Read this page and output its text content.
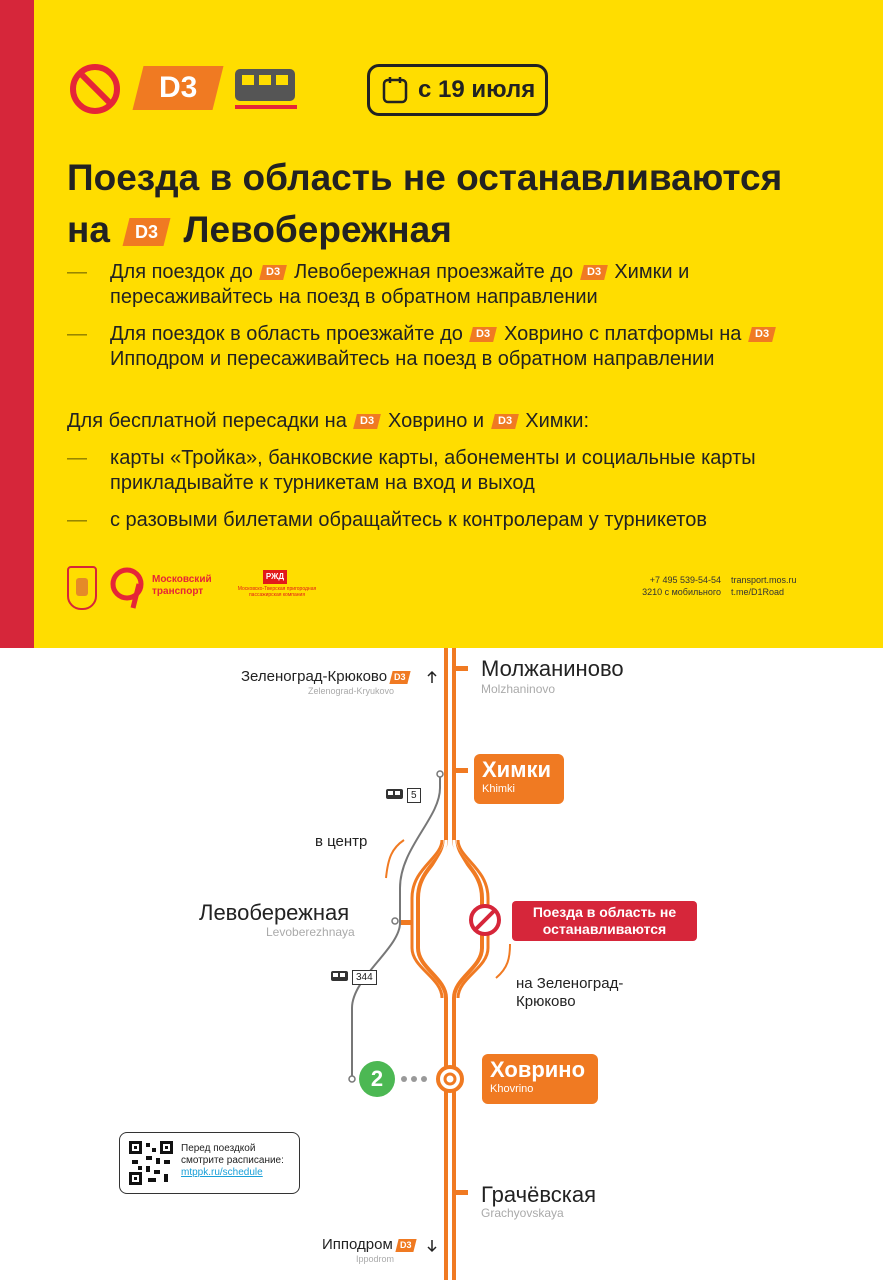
D3	с 19 июля
Поезда в область не останавливаются
на D3 Левобережная
— Для поездок до D3 Левобережная проезжайте до D3 Химки и пересаживайтесь на поезд в обратном направлении
— Для поездок в область проезжайте до D3 Ховрино с платформы на D3 Ипподром и пересаживайтесь на поезд в обратном направлении
Для бесплатной пересадки на D3 Ховрино и D3 Химки:
— карты «Тройка», банковские карты, абонементы и социальные карты прикладывайте к турникетам на вход и выход
— с разовыми билетами обращайтесь к контролерам у турникетов
Московский транспорт
РЖД
Московско-Тверская пригородная пассажирская компания
+7 495 539-54-54
3210 с мобильного
transport.mos.ru
t.me/D1Road
Зеленоград-Крюково D3
Zelenograd-Kryukovo
Молжаниново
Molzhaninovo
Химки
Khimki
5
в центр
Левобережная
Levoberezhnaya
Поезда в область не останавливаются
344	на Зеленоград-Крюково
2	Ховрино
Khovrino
Перед поездкой смотрите расписание:
mtppk.ru/schedule
Грачёвская
Grachyovskaya
Ипподром D3
Ippodrom
